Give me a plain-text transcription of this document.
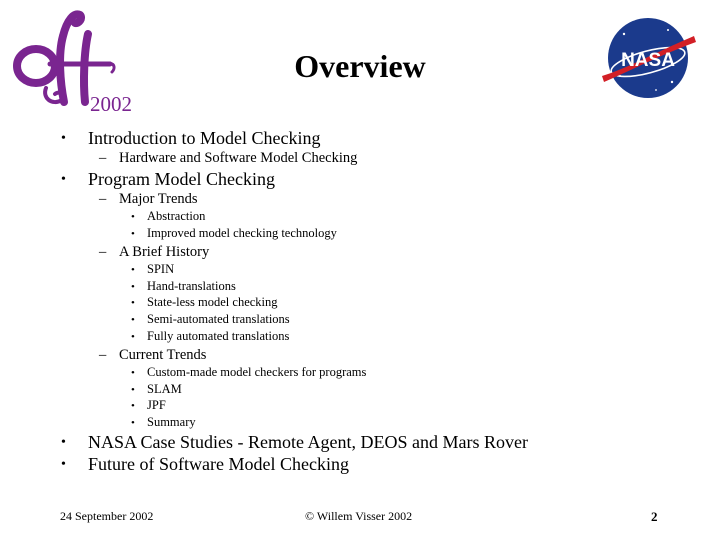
2002
Overview	NASA
• Introduction to Model Checking
– Hardware and Software Model Checking
• Program Model Checking
– Major Trends
• Abstraction
• Improved model checking technology
– A Brief History
• SPIN
• Hand-translations
• State-less model checking
• Semi-automated translations
• Fully automated translations
– Current Trends
• Custom-made model checkers for programs
• SLAM
• JPF
• Summary
• NASA Case Studies - Remote Agent, DEOS and Mars Rover
• Future of Software Model Checking
24 September 2002	© Willem Visser 2002	2
